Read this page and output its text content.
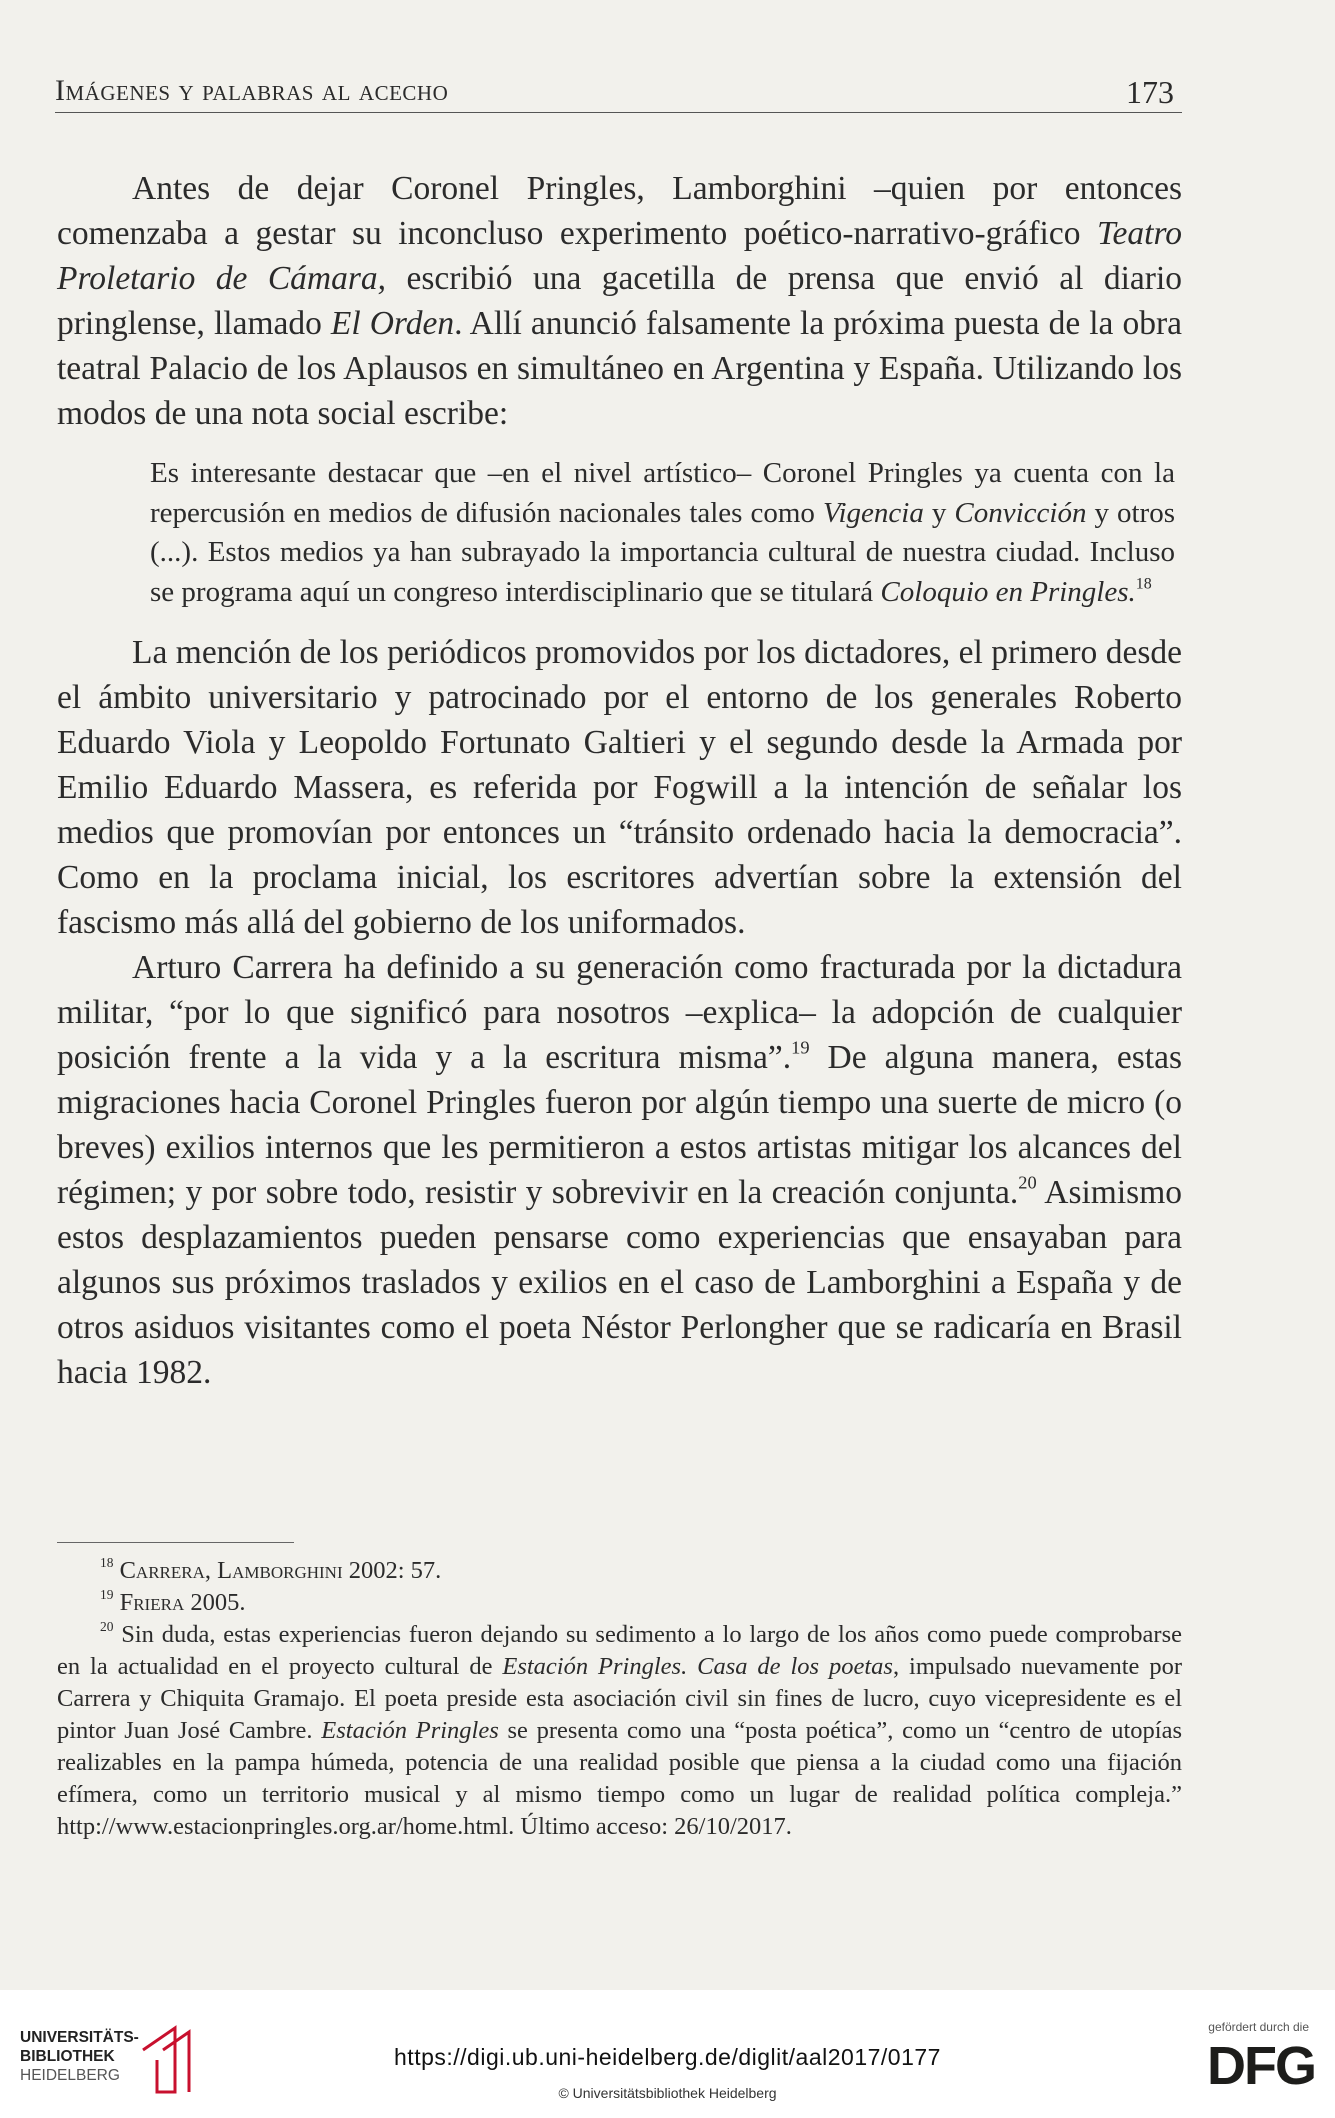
Imágenes y palabras al acecho	173

Antes de dejar Coronel Pringles, Lamborghini –quien por entonces comenzaba a gestar su inconcluso experimento poético-narrativo-gráfico Teatro Proletario de Cámara, escribió una gacetilla de prensa que envió al diario pringlense, llamado El Orden. Allí anunció falsamente la próxima puesta de la obra teatral Palacio de los Aplausos en simultáneo en Argentina y España. Utilizando los modos de una nota social escribe:

Es interesante destacar que –en el nivel artístico– Coronel Pringles ya cuenta con la repercusión en medios de difusión nacionales tales como Vigencia y Convicción y otros (...). Estos medios ya han subrayado la importancia cultural de nuestra ciudad. Incluso se programa aquí un congreso interdisciplinario que se titulará Coloquio en Pringles.$^{18}$

La mención de los periódicos promovidos por los dictadores, el primero desde el ámbito universitario y patrocinado por el entorno de los generales Roberto Eduardo Viola y Leopoldo Fortunato Galtieri y el segundo desde la Armada por Emilio Eduardo Massera, es referida por Fogwill a la intención de señalar los medios que promovían por entonces un “tránsito ordenado hacia la democracia”. Como en la proclama inicial, los escritores advertían sobre la extensión del fascismo más allá del gobierno de los uniformados.

Arturo Carrera ha definido a su generación como fracturada por la dictadura militar, “por lo que significó para nosotros –explica– la adopción de cualquier posición frente a la vida y a la escritura misma”.$^{19}$ De alguna manera, estas migraciones hacia Coronel Pringles fueron por algún tiempo una suerte de micro (o breves) exilios internos que les permitieron a estos artistas mitigar los alcances del régimen; y por sobre todo, resistir y sobrevivir en la creación conjunta.$^{20}$ Asimismo estos desplazamientos pueden pensarse como experiencias que ensayaban para algunos sus próximos traslados y exilios en el caso de Lamborghini a España y de otros asiduos visitantes como el poeta Néstor Perlongher que se radicaría en Brasil hacia 1982.

$^{18}$ Carrera, Lamborghini 2002: 57.

$^{19}$ Friera 2005.

$^{20}$ Sin duda, estas experiencias fueron dejando su sedimento a lo largo de los años como puede comprobarse en la actualidad en el proyecto cultural de Estación Pringles. Casa de los poetas, impulsado nuevamente por Carrera y Chiquita Gramajo. El poeta preside esta asociación civil sin fines de lucro, cuyo vicepresidente es el pintor Juan José Cambre. Estación Pringles se presenta como una “posta poética”, como un “centro de utopías realizables en la pampa húmeda, potencia de una realidad posible que piensa a la ciudad como una fijación efímera, como un territorio musical y al mismo tiempo como un lugar de realidad política compleja.” http://www.estacionpringles.org.ar/home.html. Último acceso: 26/10/2017.

UNIVERSITÄTS-
BIBLIOTHEK
HEIDELBERG
https://digi.ub.uni-heidelberg.de/diglit/aal2017/0177
© Universitätsbibliothek Heidelberg
gefördert durch die
DFG
